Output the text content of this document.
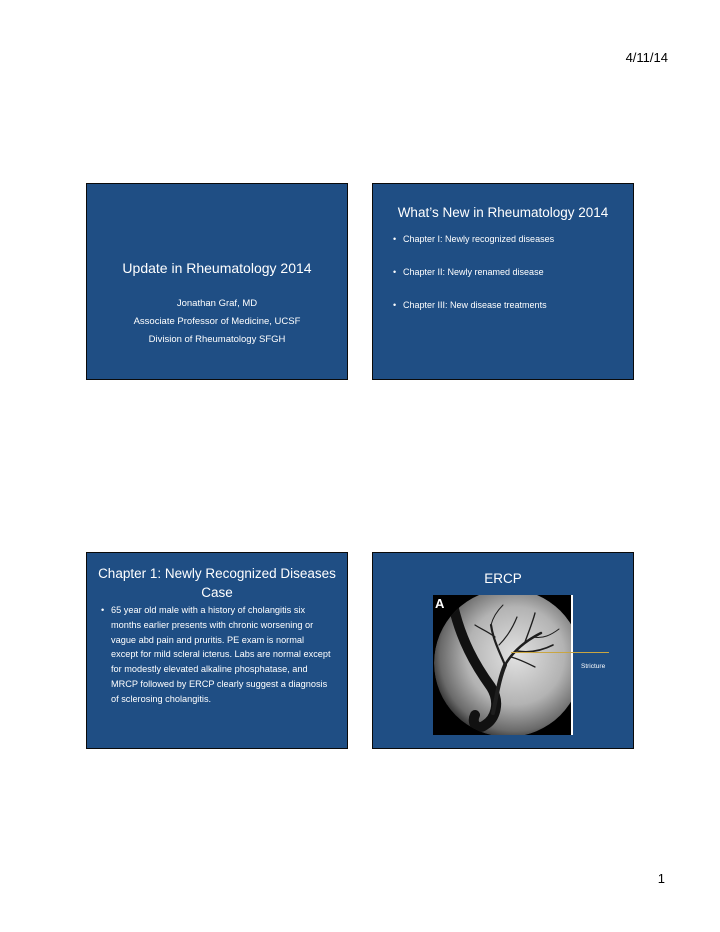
4/11/14
Update in Rheumatology 2014
Jonathan Graf, MD
Associate Professor of Medicine, UCSF
Division of Rheumatology SFGH
What’s New in Rheumatology 2014
• Chapter I: Newly recognized diseases
• Chapter II: Newly renamed disease
• Chapter III: New disease treatments
Chapter 1: Newly Recognized Diseases
Case
• 65 year old male with a history of cholangitis six months earlier presents with chronic worsening or vague abd pain and pruritis. PE exam is normal except for mild scleral icterus. Labs are normal except for modestly elevated alkaline phosphatase, and MRCP followed by ERCP clearly suggest a diagnosis of sclerosing cholangitis.
ERCP
A
Stricture
1
